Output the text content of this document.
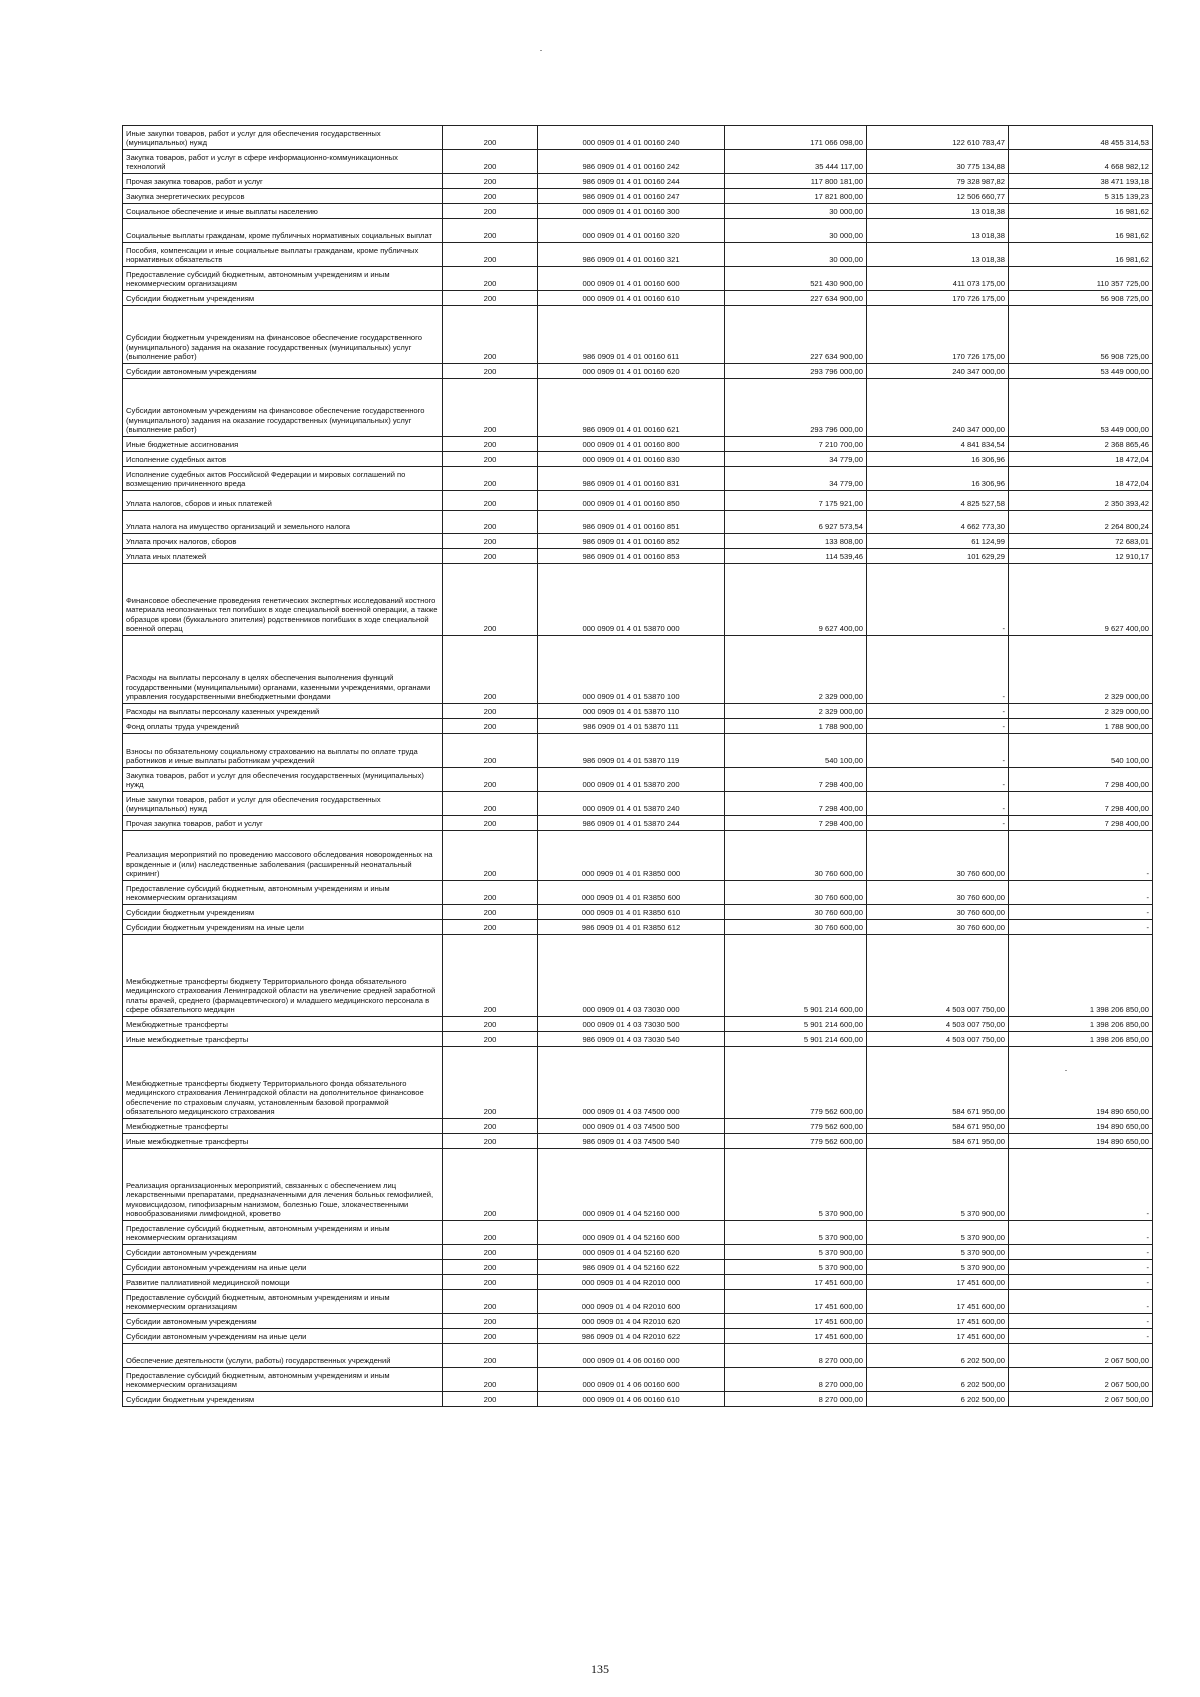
Иные закупки товаров, работ и услуг для обеспечения государственных (муниципальных) нужд	200	000 0909 01 4 01 00160 240	171 066 098,00	122 610 783,47	48 455 314,53
Закупка товаров, работ и услуг в сфере информационно-коммуникационных технологий	200	986 0909 01 4 01 00160 242	35 444 117,00	30 775 134,88	4 668 982,12
Прочая закупка товаров, работ и услуг	200	986 0909 01 4 01 00160 244	117 800 181,00	79 328 987,82	38 471 193,18
Закупка энергетических ресурсов	200	986 0909 01 4 01 00160 247	17 821 800,00	12 506 660,77	5 315 139,23
Социальное обеспечение и иные выплаты населению	200	000 0909 01 4 01 00160 300	30 000,00	13 018,38	16 981,62
Социальные выплаты гражданам, кроме публичных нормативных социальных выплат	200	000 0909 01 4 01 00160 320	30 000,00	13 018,38	16 981,62
Пособия, компенсации и иные социальные выплаты гражданам, кроме публичных нормативных обязательств	200	986 0909 01 4 01 00160 321	30 000,00	13 018,38	16 981,62
Предоставление субсидий бюджетным, автономным учреждениям и иным некоммерческим организациям	200	000 0909 01 4 01 00160 600	521 430 900,00	411 073 175,00	110 357 725,00
Субсидии бюджетным учреждениям	200	000 0909 01 4 01 00160 610	227 634 900,00	170 726 175,00	56 908 725,00
Субсидии бюджетным учреждениям на финансовое обеспечение государственного (муниципального) задания на оказание государственных (муниципальных) услуг (выполнение работ)	200	986 0909 01 4 01 00160 611	227 634 900,00	170 726 175,00	56 908 725,00
Субсидии автономным учреждениям	200	000 0909 01 4 01 00160 620	293 796 000,00	240 347 000,00	53 449 000,00
Субсидии автономным учреждениям на финансовое обеспечение государственного (муниципального) задания на оказание государственных (муниципальных) услуг (выполнение работ)	200	986 0909 01 4 01 00160 621	293 796 000,00	240 347 000,00	53 449 000,00
Иные бюджетные ассигнования	200	000 0909 01 4 01 00160 800	7 210 700,00	4 841 834,54	2 368 865,46
Исполнение судебных актов	200	000 0909 01 4 01 00160 830	34 779,00	16 306,96	18 472,04
Исполнение судебных актов Российской Федерации и мировых соглашений по возмещению причиненного вреда	200	986 0909 01 4 01 00160 831	34 779,00	16 306,96	18 472,04
Уплата налогов, сборов и иных платежей	200	000 0909 01 4 01 00160 850	7 175 921,00	4 825 527,58	2 350 393,42
Уплата налога на имущество организаций и земельного налога	200	986 0909 01 4 01 00160 851	6 927 573,54	4 662 773,30	2 264 800,24
Уплата прочих налогов, сборов	200	986 0909 01 4 01 00160 852	133 808,00	61 124,99	72 683,01
Уплата иных платежей	200	986 0909 01 4 01 00160 853	114 539,46	101 629,29	12 910,17
Финансовое обеспечение проведения генетических экспертных исследований костного материала неопознанных тел погибших в ходе специальной военной операции, а также образцов крови (буккального эпителия) родственников погибших в ходе специальной военной операц	200	000 0909 01 4 01 53870 000	9 627 400,00	-	9 627 400,00
Расходы на выплаты персоналу в целях обеспечения выполнения функций государственными (муниципальными) органами, казенными учреждениями, органами управления государственными внебюджетными фондами	200	000 0909 01 4 01 53870 100	2 329 000,00	-	2 329 000,00
Расходы на выплаты персоналу казенных учреждений	200	000 0909 01 4 01 53870 110	2 329 000,00	-	2 329 000,00
Фонд оплаты труда учреждений	200	986 0909 01 4 01 53870 111	1 788 900,00	-	1 788 900,00
Взносы по обязательному социальному страхованию на выплаты по оплате труда работников и иные выплаты работникам учреждений	200	986 0909 01 4 01 53870 119	540 100,00	-	540 100,00
Закупка товаров, работ и услуг для обеспечения государственных (муниципальных) нужд	200	000 0909 01 4 01 53870 200	7 298 400,00	-	7 298 400,00
Иные закупки товаров, работ и услуг для обеспечения государственных (муниципальных) нужд	200	000 0909 01 4 01 53870 240	7 298 400,00	-	7 298 400,00
Прочая закупка товаров, работ и услуг	200	986 0909 01 4 01 53870 244	7 298 400,00	-	7 298 400,00
Реализация мероприятий по проведению массового обследования новорожденных на врожденные и (или) наследственные заболевания (расширенный неонатальный скрининг)	200	000 0909 01 4 01 R3850 000	30 760 600,00	30 760 600,00	-
Предоставление субсидий бюджетным, автономным учреждениям и иным некоммерческим организациям	200	000 0909 01 4 01 R3850 600	30 760 600,00	30 760 600,00	-
Субсидии бюджетным учреждениям	200	000 0909 01 4 01 R3850 610	30 760 600,00	30 760 600,00	-
Субсидии бюджетным учреждениям на иные цели	200	986 0909 01 4 01 R3850 612	30 760 600,00	30 760 600,00	-
Межбюджетные трансферты бюджету Территориального фонда обязательного медицинского страхования Ленинградской области на увеличение средней заработной платы врачей, среднего (фармацевтического) и младшего медицинского персонала в сфере обязательного медицин	200	000 0909 01 4 03 73030 000	5 901 214 600,00	4 503 007 750,00	1 398 206 850,00
Межбюджетные трансферты	200	000 0909 01 4 03 73030 500	5 901 214 600,00	4 503 007 750,00	1 398 206 850,00
Иные межбюджетные трансферты	200	986 0909 01 4 03 73030 540	5 901 214 600,00	4 503 007 750,00	1 398 206 850,00
Межбюджетные трансферты бюджету Территориального фонда обязательного медицинского страхования Ленинградской области на дополнительное финансовое обеспечение по страховым случаям, установленным базовой программой обязательного медицинского страхования	200	000 0909 01 4 03 74500 000	779 562 600,00	584 671 950,00	194 890 650,00
Межбюджетные трансферты	200	000 0909 01 4 03 74500 500	779 562 600,00	584 671 950,00	194 890 650,00
Иные межбюджетные трансферты	200	986 0909 01 4 03 74500 540	779 562 600,00	584 671 950,00	194 890 650,00
Реализация организационных мероприятий, связанных с обеспечением лиц лекарственными препаратами, предназначенными для лечения больных гемофилией, муковисцидозом, гипофизарным нанизмом, болезнью Гоше, злокачественными новообразованиями лимфоидной, кроветво	200	000 0909 01 4 04 52160 000	5 370 900,00	5 370 900,00	-
Предоставление субсидий бюджетным, автономным учреждениям и иным некоммерческим организациям	200	000 0909 01 4 04 52160 600	5 370 900,00	5 370 900,00	-
Субсидии автономным учреждениям	200	000 0909 01 4 04 52160 620	5 370 900,00	5 370 900,00	-
Субсидии автономным учреждениям на иные цели	200	986 0909 01 4 04 52160 622	5 370 900,00	5 370 900,00	-
Развитие паллиативной медицинской помощи	200	000 0909 01 4 04 R2010 000	17 451 600,00	17 451 600,00	-
Предоставление субсидий бюджетным, автономным учреждениям и иным некоммерческим организациям	200	000 0909 01 4 04 R2010 600	17 451 600,00	17 451 600,00	-
Субсидии автономным учреждениям	200	000 0909 01 4 04 R2010 620	17 451 600,00	17 451 600,00	-
Субсидии автономным учреждениям на иные цели	200	986 0909 01 4 04 R2010 622	17 451 600,00	17 451 600,00	-
Обеспечение деятельности (услуги, работы) государственных учреждений	200	000 0909 01 4 06 00160 000	8 270 000,00	6 202 500,00	2 067 500,00
Предоставление субсидий бюджетным, автономным учреждениям и иным некоммерческим организациям	200	000 0909 01 4 06 00160 600	8 270 000,00	6 202 500,00	2 067 500,00
Субсидии бюджетным учреждениям	200	000 0909 01 4 06 00160 610	8 270 000,00	6 202 500,00	2 067 500,00
135
